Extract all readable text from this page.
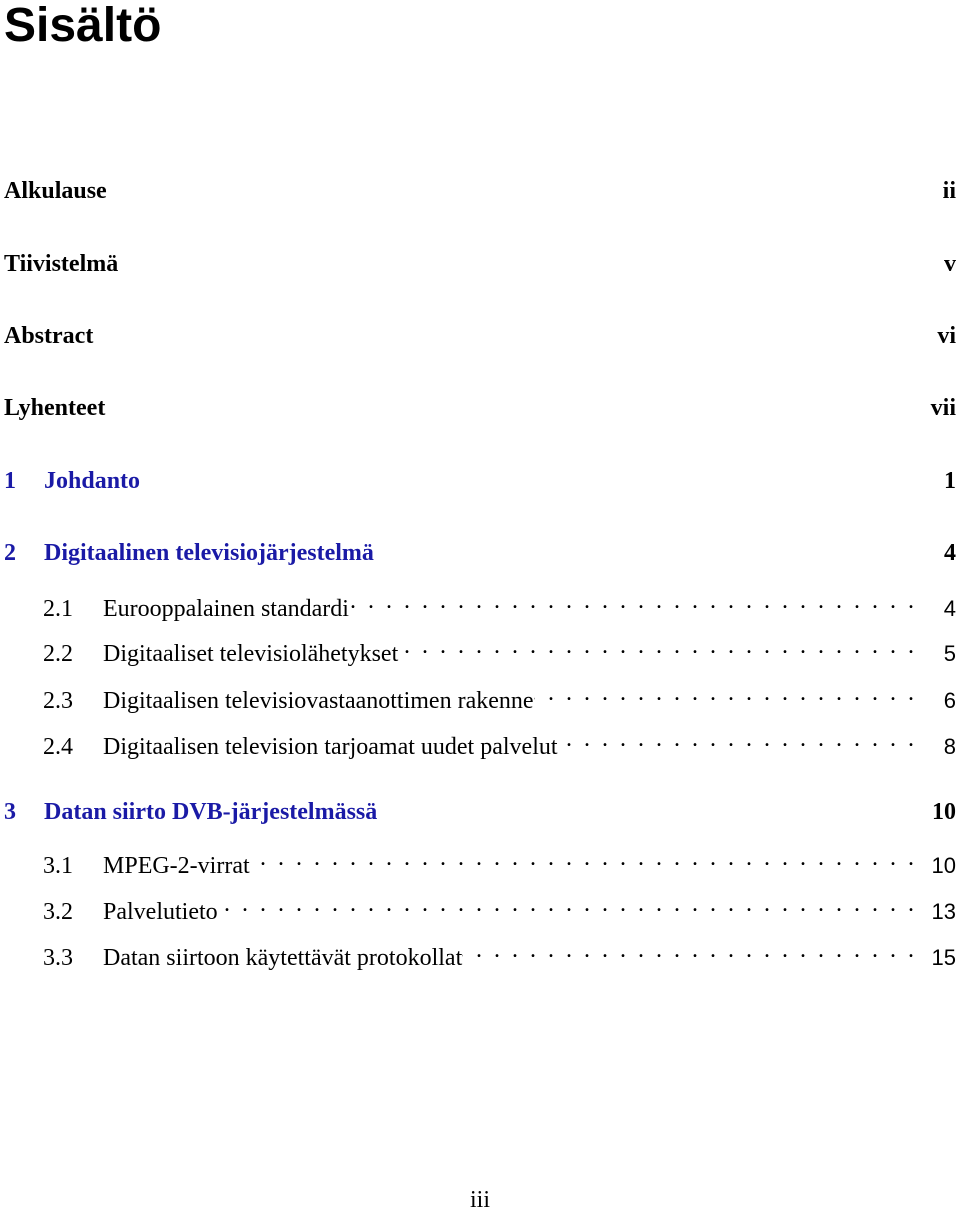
Sisältö
Alkulause	ii
Tiivistelmä	v
Abstract	vi
Lyhenteet	vii
1	Johdanto	1
2	Digitaalinen televisiojärjestelmä	4
2.1	Eurooppalainen standardi . . .	4
2.2	Digitaaliset televisiolähetykset . . .	5
2.3	Digitaalisen televisiovastaanottimen rakenne . . .	6
2.4	Digitaalisen television tarjoamat uudet palvelut . . .	8
3	Datan siirto DVB-järjestelmässä	10
3.1	MPEG-2-virrat . . .	10
3.2	Palvelutieto . . .	13
3.3	Datan siirtoon käytettävät protokollat . . .	15
iii
